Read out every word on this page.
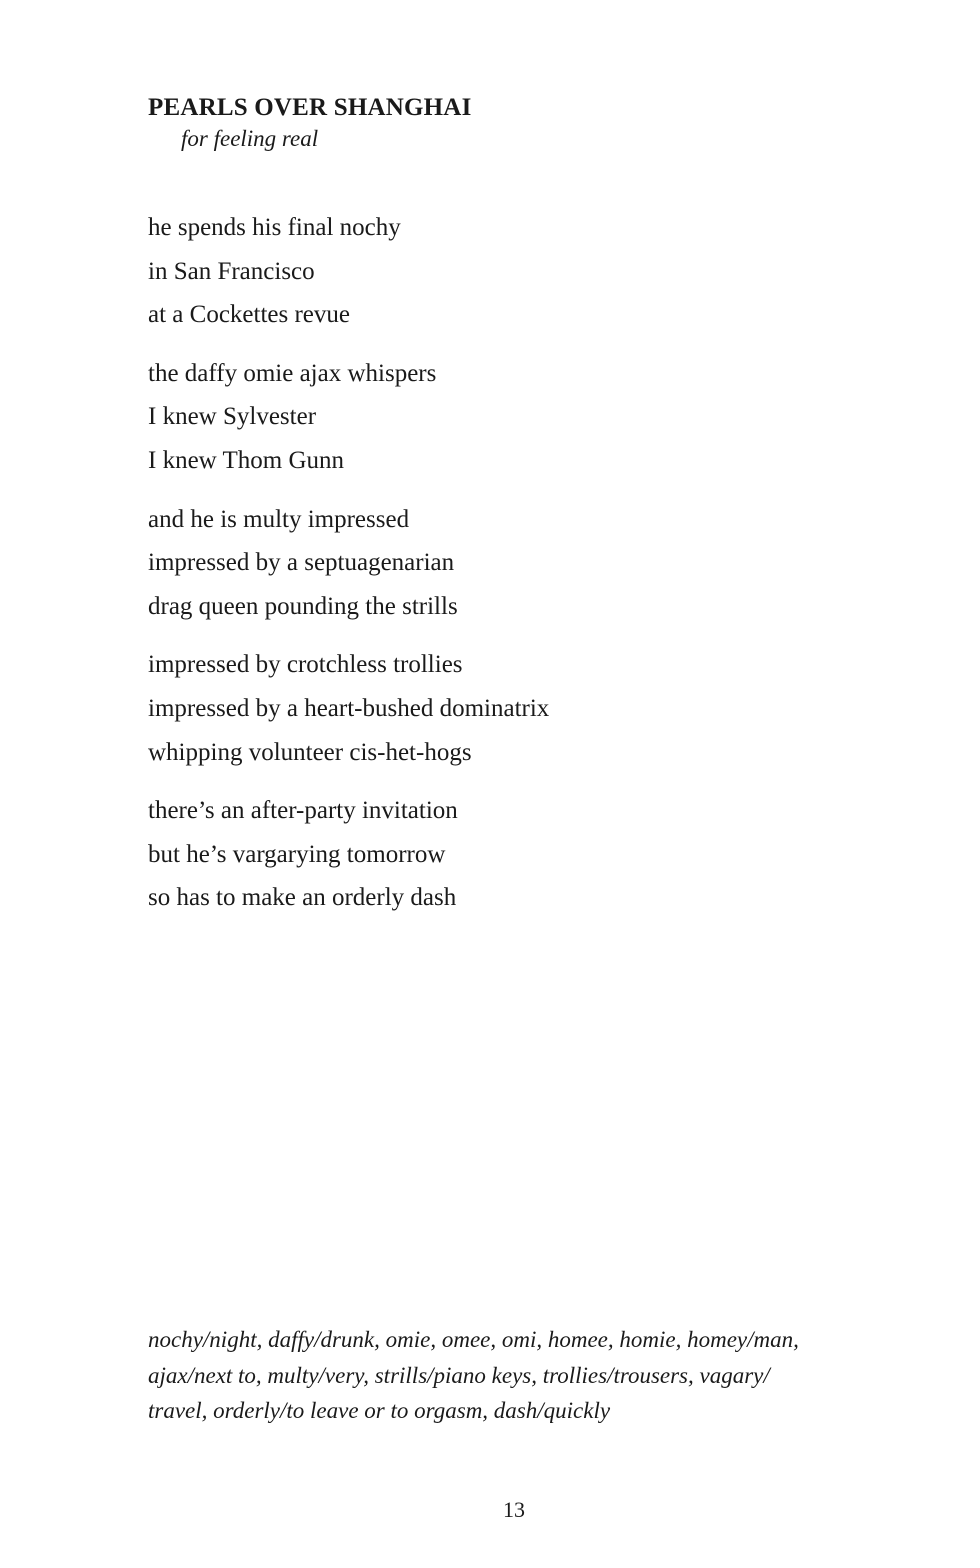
PEARLS OVER SHANGHAI
for feeling real
he spends his final nochy
in San Francisco
at a Cockettes revue
the daffy omie ajax whispers
I knew Sylvester
I knew Thom Gunn
and he is multy impressed
impressed by a septuagenarian
drag queen pounding the strills
impressed by crotchless trollies
impressed by a heart-bushed dominatrix
whipping volunteer cis-het-hogs
there’s an after-party invitation
but he’s vargarying tomorrow
so has to make an orderly dash
nochy/night, daffy/drunk, omie, omee, omi, homee, homie, homey/man,
ajax/next to, multy/very, strills/piano keys, trollies/trousers, vagary/
travel, orderly/to leave or to orgasm, dash/quickly
13
